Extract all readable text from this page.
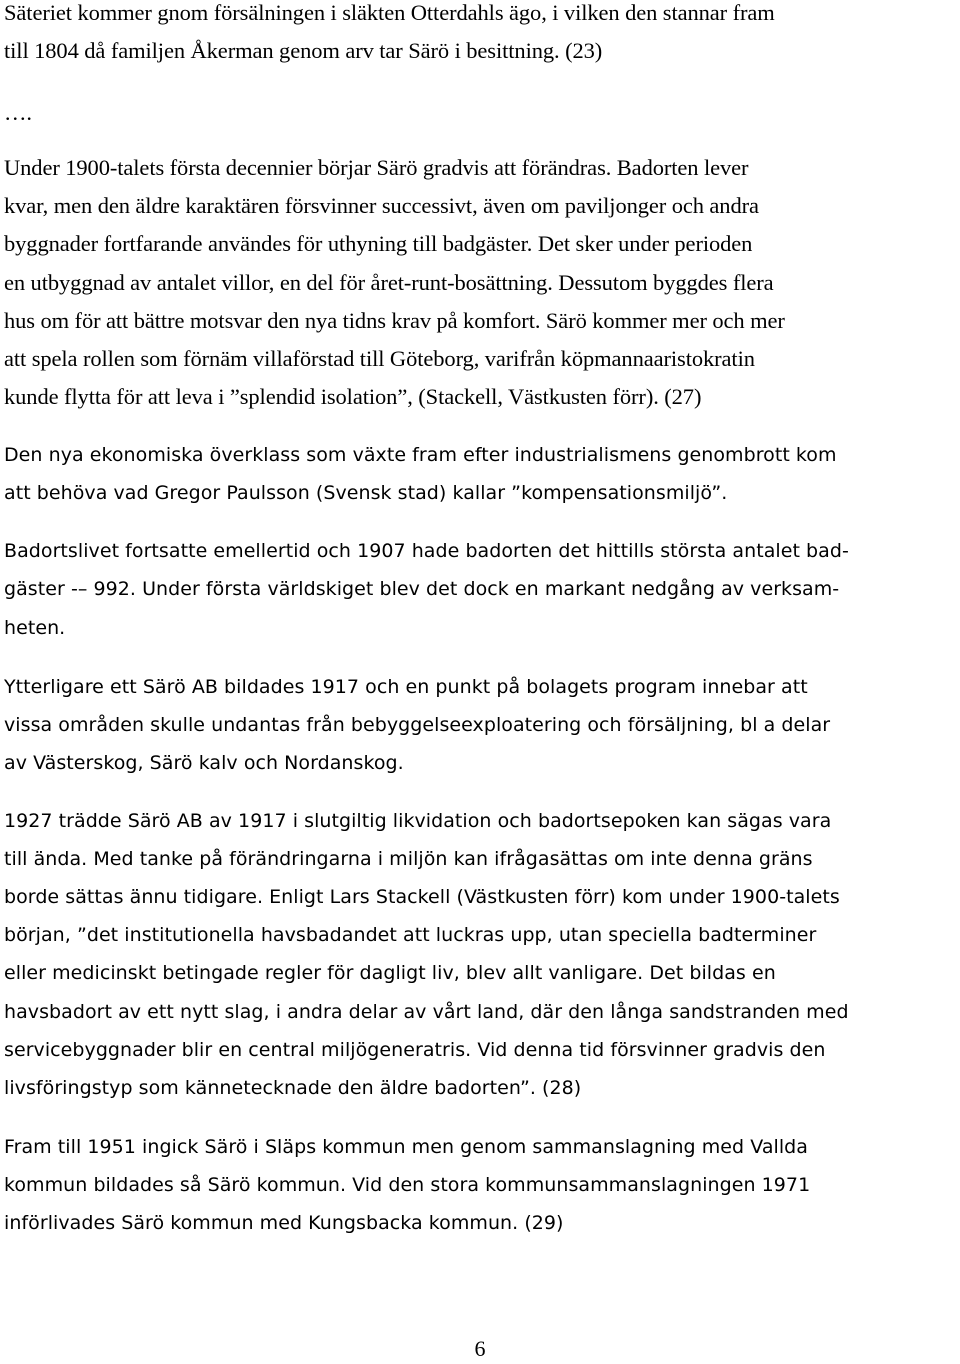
Säteriet kommer gnom försälningen i släkten Otterdahls ägo, i vilken den stannar fram
till 1804 då familjen Åkerman genom arv tar Särö i besittning. (23)
….
Under 1900-talets första decennier börjar Särö gradvis att förändras. Badorten lever
kvar, men den äldre karaktären försvinner successivt, även om paviljonger och andra
byggnader fortfarande användes för uthyning till badgäster. Det sker under perioden
en utbyggnad av antalet villor, en del för året-runt-bosättning. Dessutom byggdes flera
hus om för att bättre motsvar den nya tidns krav på komfort. Särö kommer mer och mer
att spela rollen som förnäm villaförstad till Göteborg, varifrån köpmannaaristokratin
kunde flytta för att leva i ”splendid isolation”, (Stackell, Västkusten förr). (27)
Den nya ekonomiska överklass som växte fram efter industrialismens genombrott kom
att behöva vad Gregor Paulsson (Svensk stad) kallar ”kompensationsmiljö”.
Badortslivet fortsatte emellertid och 1907 hade badorten det hittills största antalet bad-
gäster -– 992. Under första världskiget blev det dock en markant nedgång av verksam-
heten.
Ytterligare ett Särö AB bildades 1917 och en punkt på bolagets program innebar att
vissa områden skulle undantas från bebyggelseexploatering och försäljning, bl a delar
av Västerskog, Särö kalv och Nordanskog.
1927 trädde Särö AB av 1917 i slutgiltig likvidation och badortsepoken kan sägas vara
till ända. Med tanke på förändringarna i miljön kan ifrågasättas om inte denna gräns
borde sättas ännu tidigare. Enligt Lars Stackell (Västkusten förr) kom under 1900-talets
början, ”det institutionella havsbadandet att luckras upp, utan speciella badterminer
eller medicinskt betingade regler för dagligt liv, blev allt vanligare. Det bildas en
havsbadort av ett nytt slag, i andra delar av vårt land, där den långa sandstranden med
servicebyggnader blir en central miljögeneratris. Vid denna tid försvinner gradvis den
livsföringstyp som kännetecknade den äldre badorten”. (28)
Fram till 1951 ingick Särö i Släps kommun men genom sammanslagning med Vallda
kommun bildades så Särö kommun. Vid den stora kommunsammanslagningen 1971
införlivades Särö kommun med Kungsbacka kommun. (29)
6
